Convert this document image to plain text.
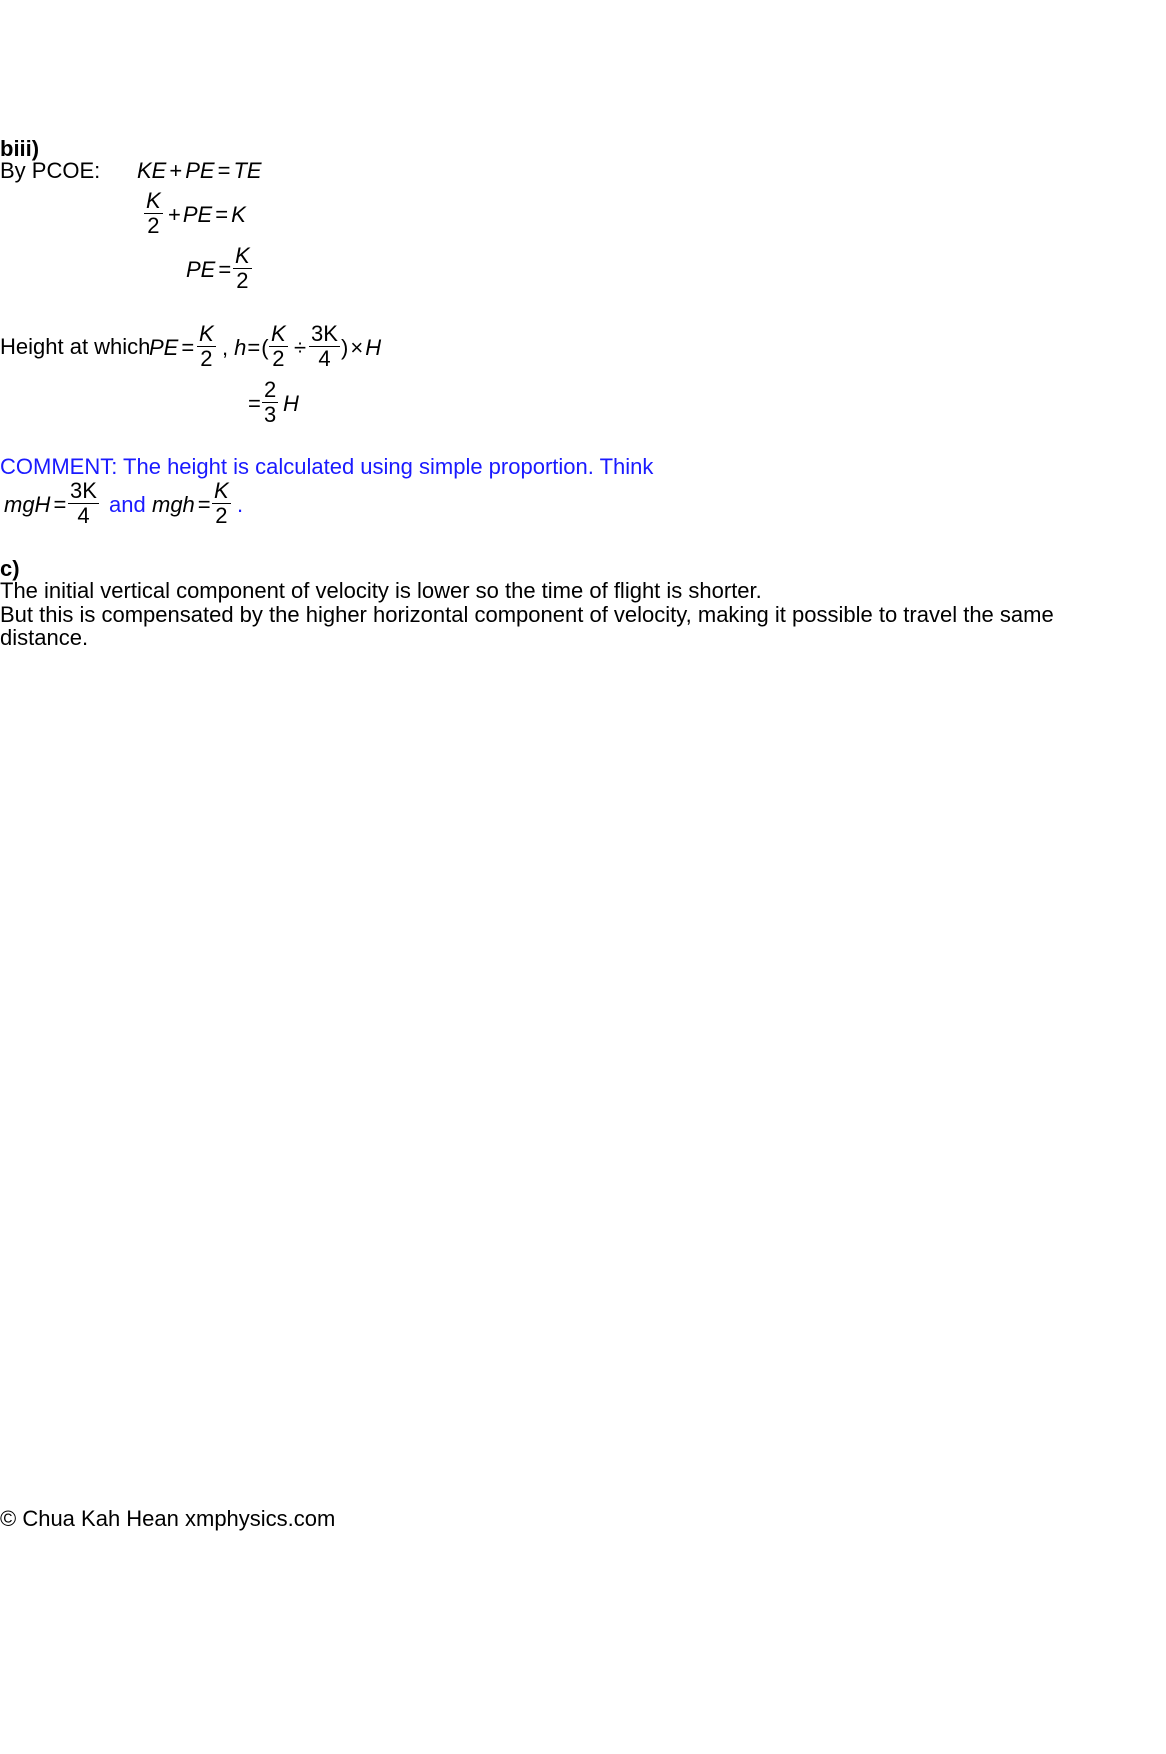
biii)
By PCOE: KE + PE = TE
$\frac{K}{2} +PE = K$
PE = $\frac{K}{2}$
Height at which
PE = $\frac{K}{2}$ , $h=( \frac{K}{2} \div \frac{3K}{4} )\times H$
= $\frac{2}{3}$ H
COMMENT: The height is calculated using simple proportion. Think
mgH = $\frac{3K}{4}$ and mgh = $\frac{K}{2}$ .
c)
The initial vertical component of velocity is lower so the time of flight is shorter.
But this is compensated by the higher horizontal component of velocity, making it possible to travel the same
distance.
© Chua Kah Hean xmphysics.com
